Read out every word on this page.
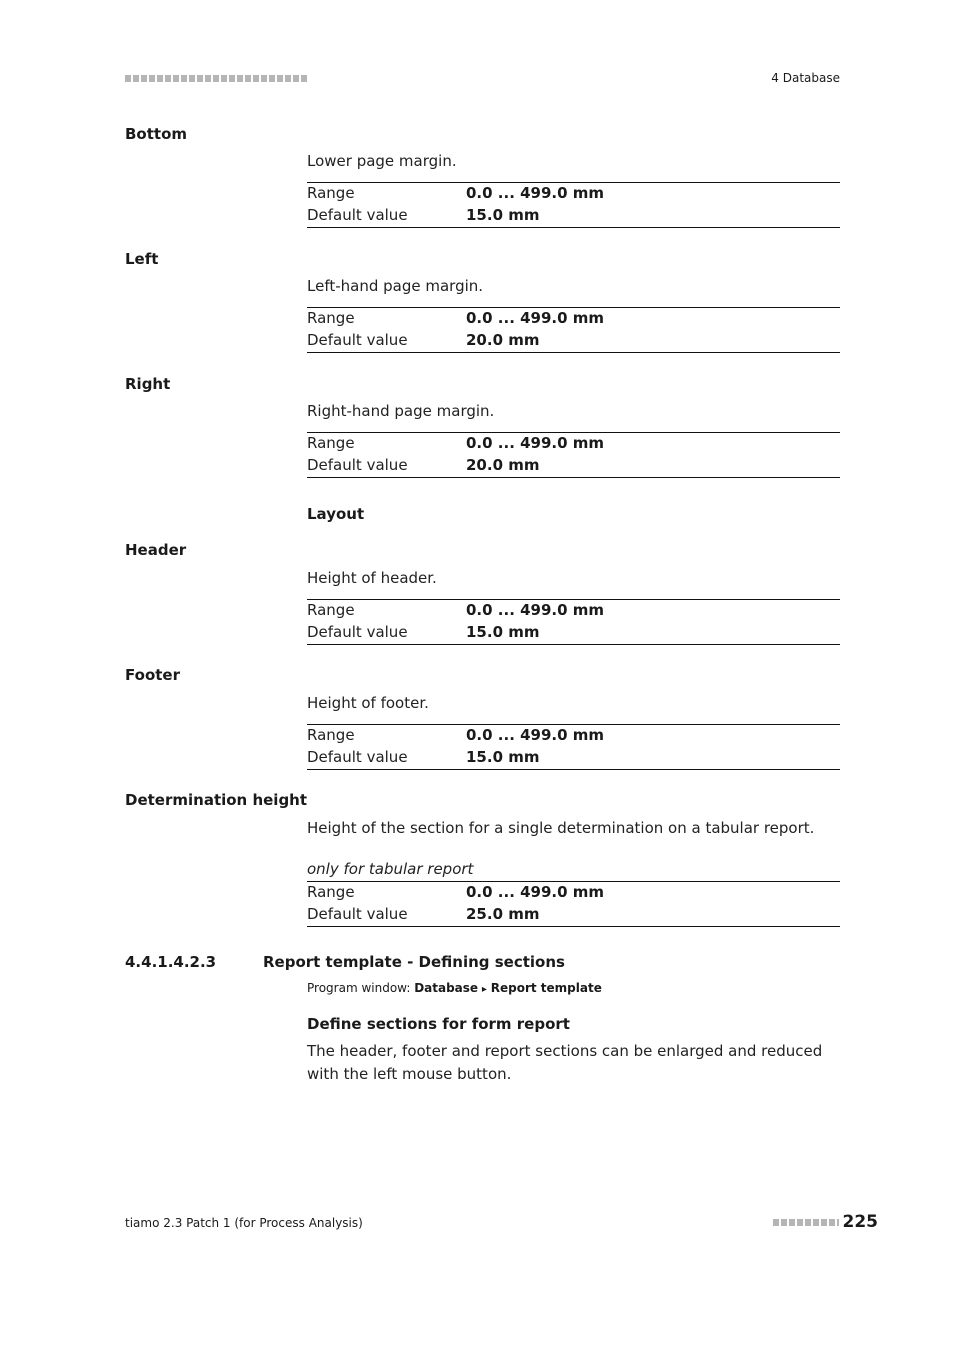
4 Database
Bottom
Lower page margin.
Range	0.0 ... 499.0 mm
Default value	15.0 mm
Left
Left-hand page margin.
Range	0.0 ... 499.0 mm
Default value	20.0 mm
Right
Right-hand page margin.
Range	0.0 ... 499.0 mm
Default value	20.0 mm
Layout
Header
Height of header.
Range	0.0 ... 499.0 mm
Default value	15.0 mm
Footer
Height of footer.
Range	0.0 ... 499.0 mm
Default value	15.0 mm
Determination height
Height of the section for a single determination on a tabular report.
only for tabular report
Range	0.0 ... 499.0 mm
Default value	25.0 mm
4.4.1.4.2.3	Report template - Defining sections
Program window: Database ▸ Report template
Define sections for form report
The header, footer and report sections can be enlarged and reduced with the left mouse button.
tiamo 2.3 Patch 1 (for Process Analysis)	225
